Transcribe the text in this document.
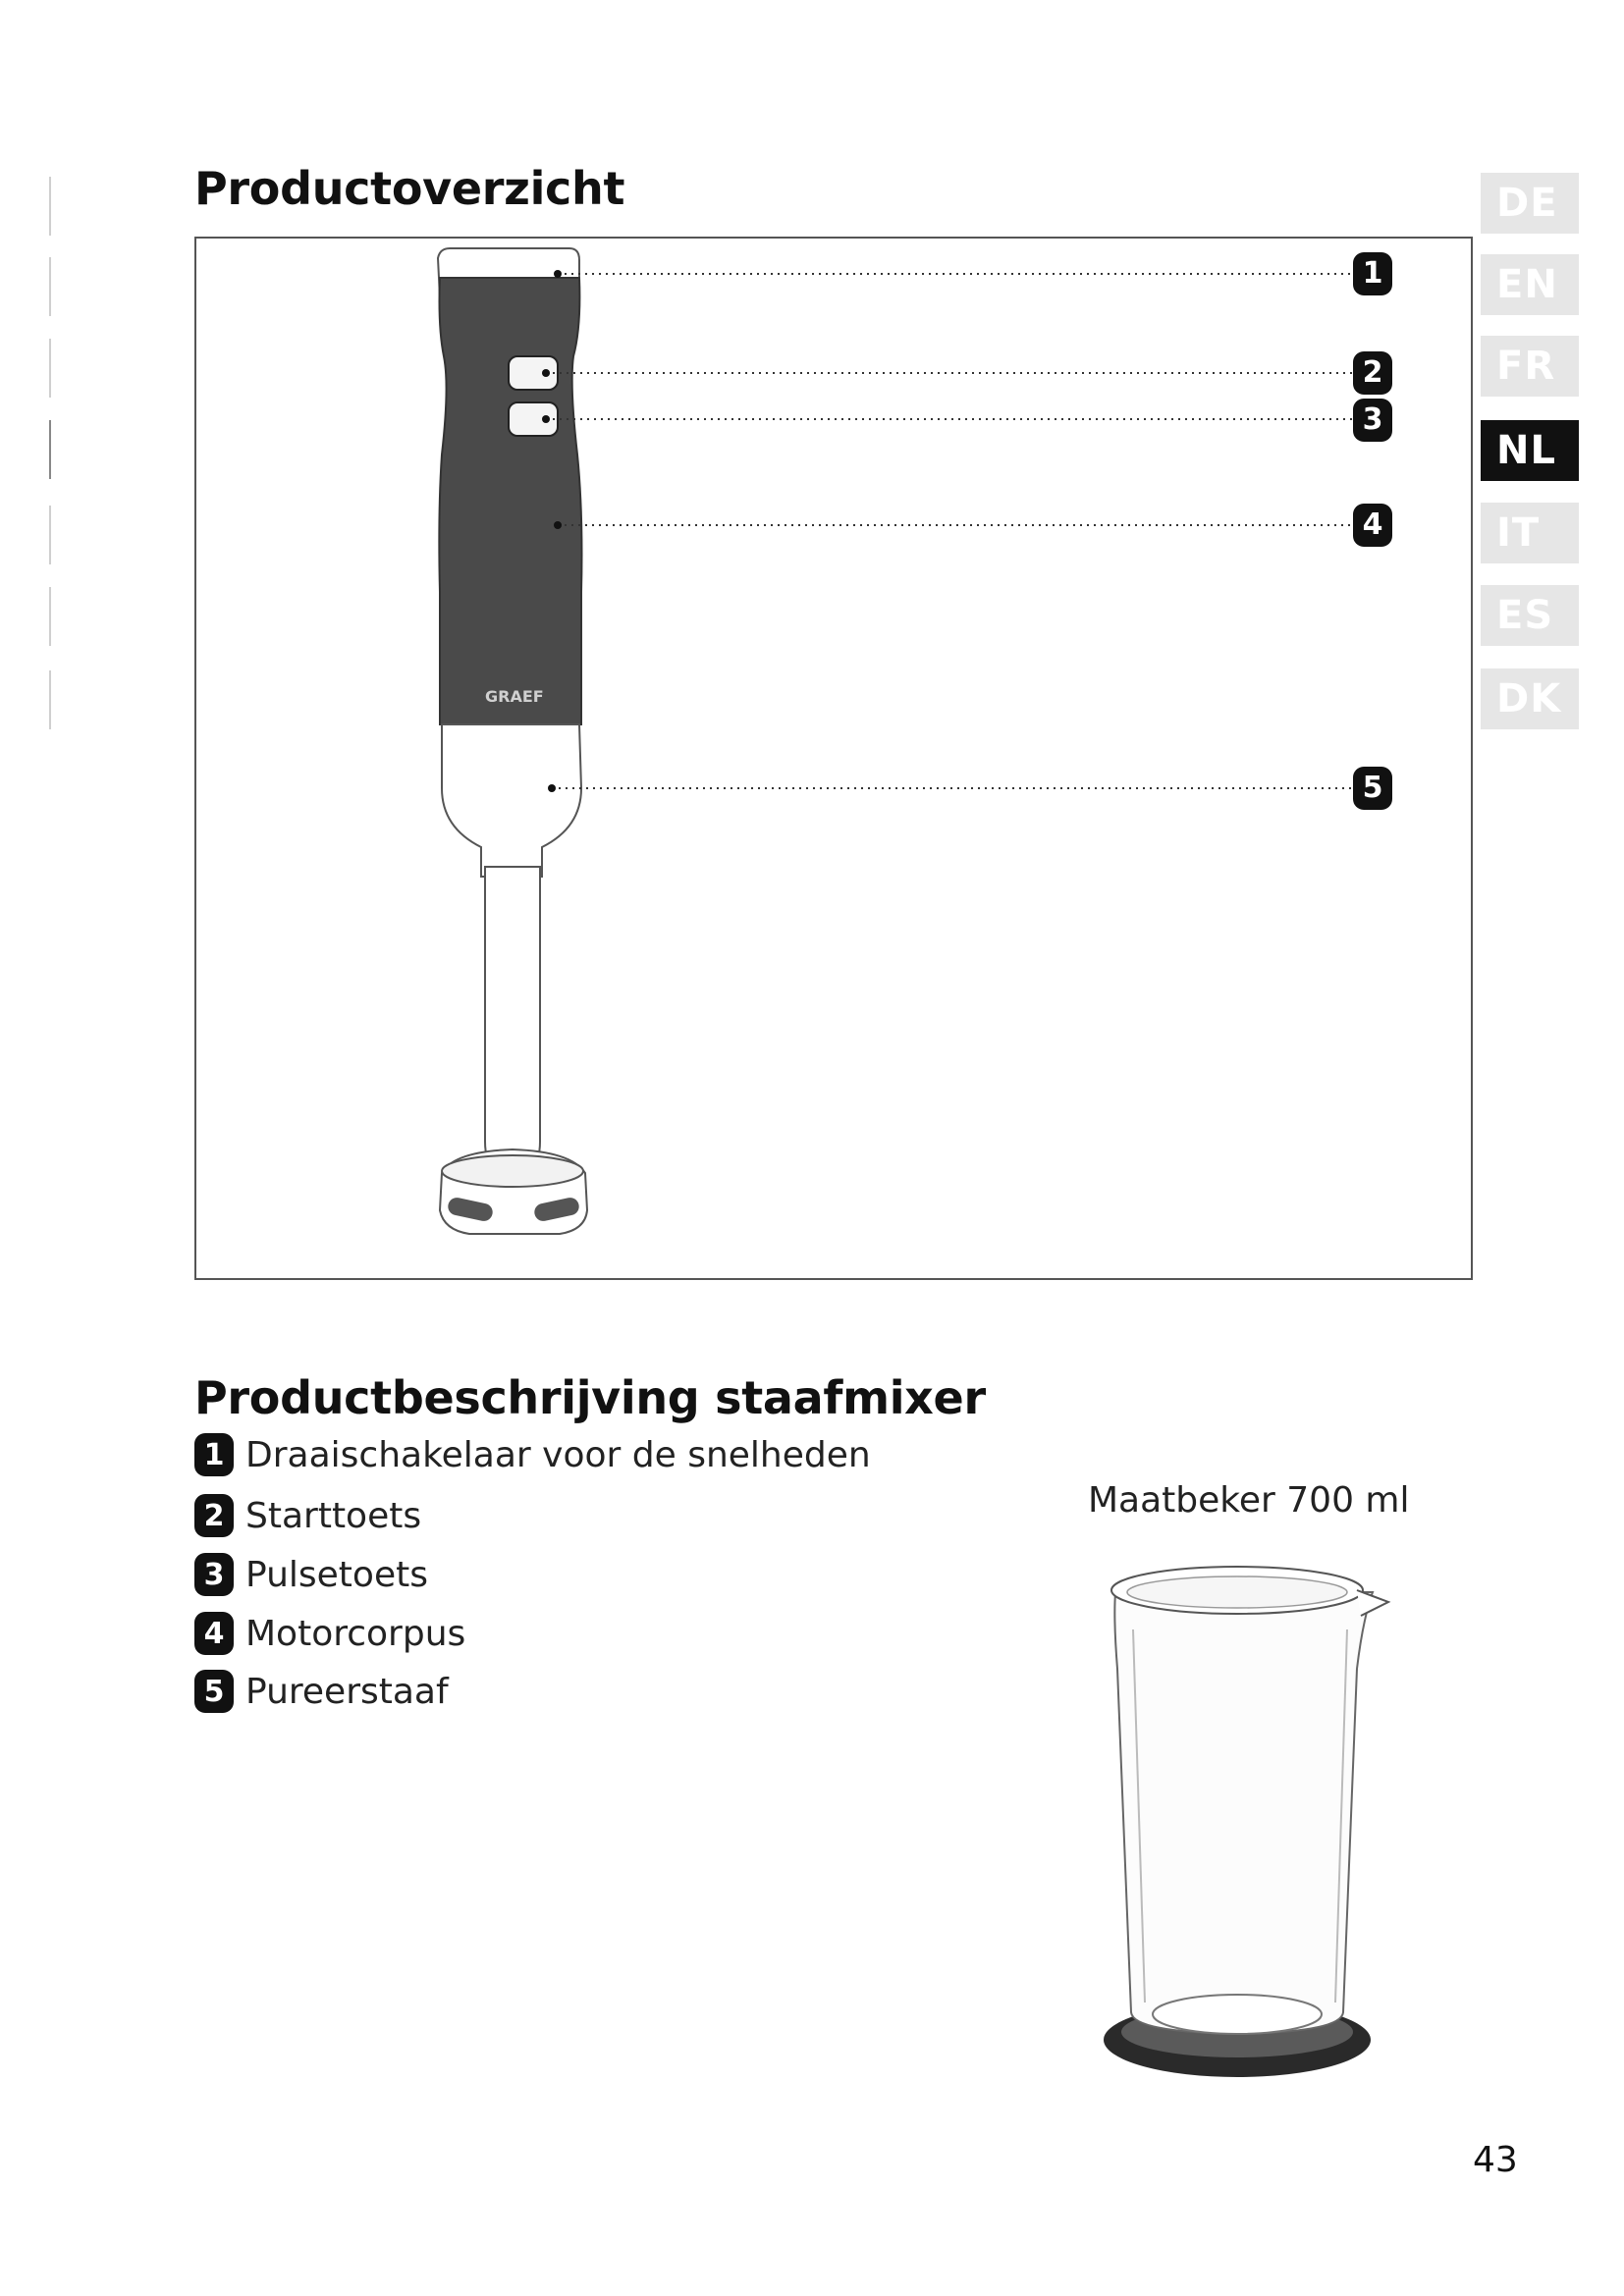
Productoverzicht
GRAEF
1
2
3
4
5
DE
EN
FR
NL
IT
ES
DK
Productbeschrijving staafmixer
1 Draaischakelaar voor de snelheden
2 Starttoets
3 Pulsetoets
4 Motorcorpus
5 Pureerstaaf
Maatbeker 700 ml
43
